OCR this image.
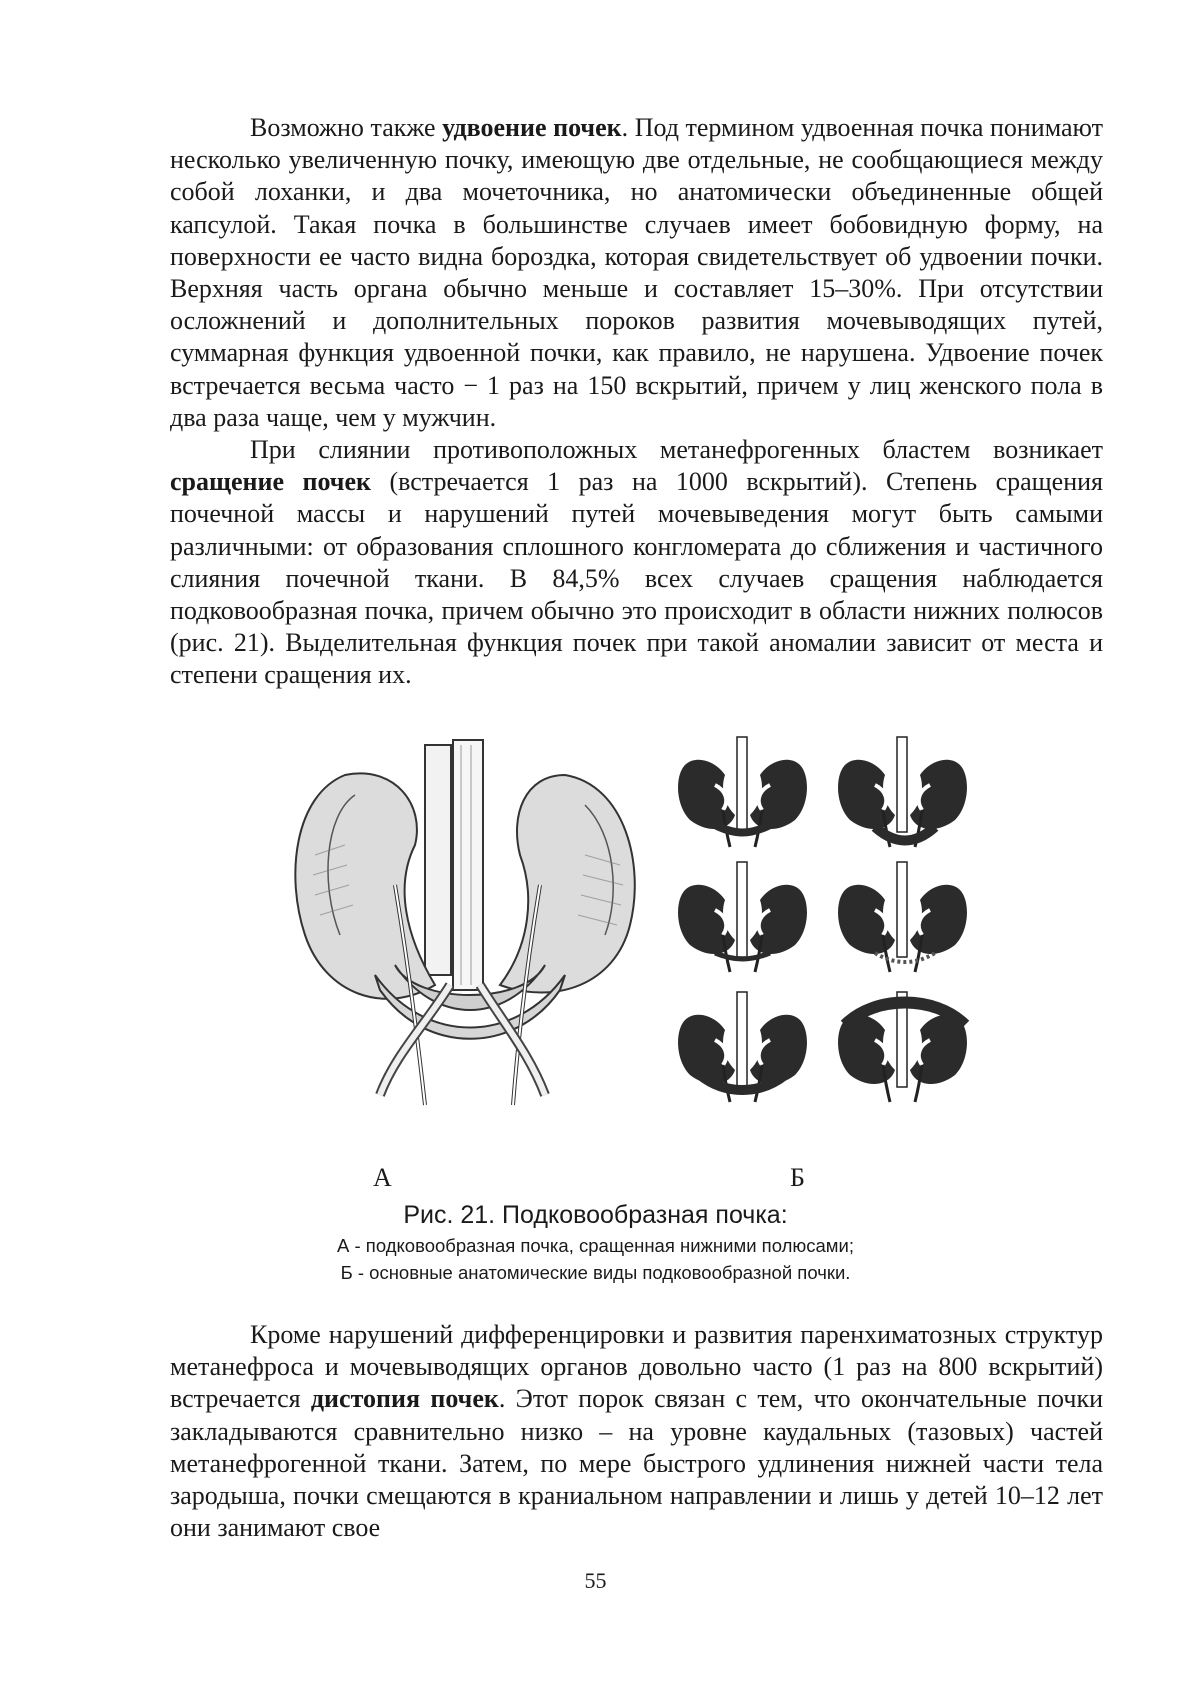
Возможно также удвоение почек. Под термином удвоенная почка понимают несколько увеличенную почку, имеющую две отдельные, не сообщающиеся между собой лоханки, и два мочеточника, но анатомически объединенные общей капсулой. Такая почка в большинстве случаев имеет бобовидную форму, на поверхности ее часто видна бороздка, которая свидетельствует об удвоении почки. Верхняя часть органа обычно меньше и составляет 15–30%. При отсутствии осложнений и дополнительных пороков развития мочевыводящих путей, суммарная функция удвоенной почки, как правило, не нарушена. Удвоение почек встречается весьма часто − 1 раз на 150 вскрытий, причем у лиц женского пола в два раза чаще, чем у мужчин.

При слиянии противоположных метанефрогенных бластем возникает сращение почек (встречается 1 раз на 1000 вскрытий). Степень сращения почечной массы и нарушений путей мочевыведения могут быть самыми различными: от образования сплошного конгломерата до сближения и частичного слияния почечной ткани. В 84,5% всех случаев сращения наблюдается подковообразная почка, причем обычно это происходит в области нижних полюсов (рис. 21). Выделительная функция почек при такой аномалии зависит от места и степени сращения их.

А	Б
Рис. 21. Подковообразная почка:
А - подковообразная почка, сращенная нижними полюсами;
Б - основные анатомические виды подковообразной почки.

Кроме нарушений дифференцировки и развития паренхиматозных структур метанефроса и мочевыводящих органов довольно часто (1 раз на 800 вскрытий) встречается дистопия почек. Этот порок связан с тем, что окончательные почки закладываются сравнительно низко – на уровне каудальных (тазовых) частей метанефрогенной ткани. Затем, по мере быстрого удлинения нижней части тела зародыша, почки смещаются в краниальном направлении и лишь у детей 10–12 лет они занимают свое

55
